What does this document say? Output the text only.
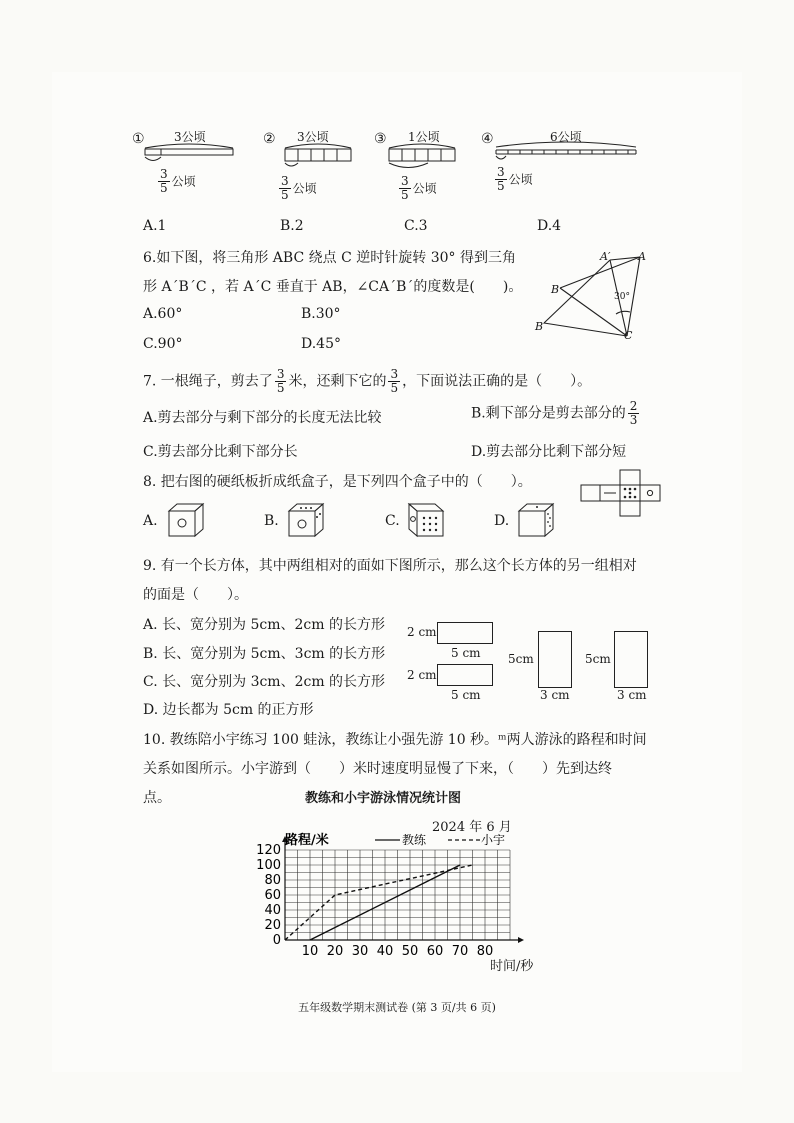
① 3公顷
$\frac{3}{5}$ 公顷
② 3公顷
$\frac{3}{5}$ 公顷
③ 1公顷
$\frac{3}{5}$ 公顷
④	6公顷
$\frac{3}{5}$ 公顷
A.1	B.2	C.3	D.4
6.如下图，将三角形 ABC 绕点 C 逆时针旋转 30° 得到三角
形 A´B´C ，若 A´C 垂直于 AB，∠CA´B´的度数是(　　)。
A.60°	B.30°
C.90°	D.45°
A′	A
B
B′
C
30°
7. 一根绳子，剪去了 $\frac{3}{5}$ 米，还剩下它的 $\frac{3}{5}$ ，下面说法正确的是（　　）。
A.剪去部分与剩下部分的长度无法比较	B.剩下部分是剪去部分的 $\frac{2}{3}$
C.剪去部分比剩下部分长	D.剪去部分比剩下部分短
8. 把右图的硬纸板折成纸盒子，是下列四个盒子中的（　　）。
A.	B.	C.	D.
9. 有一个长方体，其中两组相对的面如下图所示，那么这个长方体的另一组相对
的面是（　　）。
A. 长、宽分别为 5cm、2cm 的长方形
B. 长、宽分别为 5cm、3cm 的长方形
C. 长、宽分别为 3cm、2cm 的长方形
D. 边长都为 5cm 的正方形
2 cm
5 cm
2 cm
5 cm
5cm
3 cm
5cm
3 cm
10. 教练陪小宇练习 100 蛙泳，教练让小强先游 10 秒。ᵐ两人游泳的路程和时间
关系如图所示。小宇游到（　　）米时速度明显慢了下来，（　　）先到达终
点。	教练和小宇游泳情况统计图
2024 年 6 月
0
20
40
60
80
100
120
10 20 30 40 50 60 70 80
路程/米	教练	小宇
时间/秒
五年级数学期末测试卷 (第 3 页/共 6 页)
